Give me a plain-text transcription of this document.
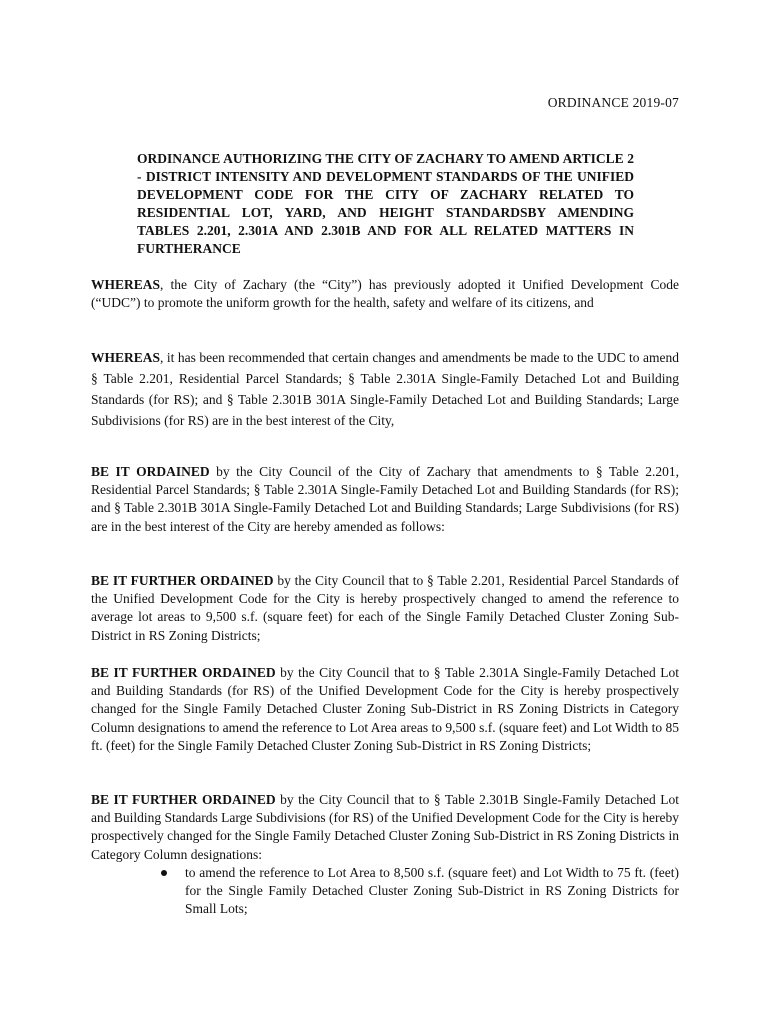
ORDINANCE 2019-07
ORDINANCE AUTHORIZING THE CITY OF ZACHARY TO AMEND ARTICLE 2 - DISTRICT INTENSITY AND DEVELOPMENT STANDARDS OF THE UNIFIED DEVELOPMENT CODE FOR THE CITY OF ZACHARY RELATED TO RESIDENTIAL LOT, YARD, AND HEIGHT STANDARDSBY AMENDING TABLES 2.201, 2.301A AND 2.301B AND FOR ALL RELATED MATTERS IN FURTHERANCE

WHEREAS, the City of Zachary (the “City”) has previously adopted it Unified Development Code (“UDC”) to promote the uniform growth for the health, safety and welfare of its citizens, and

WHEREAS, it has been recommended that certain changes and amendments be made to the UDC to amend § Table 2.201, Residential Parcel Standards; § Table 2.301A Single-Family Detached Lot and Building Standards (for RS); and § Table 2.301B 301A Single-Family Detached Lot and Building Standards; Large Subdivisions (for RS) are in the best interest of the City,

BE IT ORDAINED by the City Council of the City of Zachary that amendments to § Table 2.201, Residential Parcel Standards; § Table 2.301A Single-Family Detached Lot and Building Standards (for RS); and § Table 2.301B 301A Single-Family Detached Lot and Building Standards; Large Subdivisions (for RS) are in the best interest of the City are hereby amended as follows:

BE IT FURTHER ORDAINED by the City Council that to § Table 2.201, Residential Parcel Standards of the Unified Development Code for the City is hereby prospectively changed to amend the reference to average lot areas to 9,500 s.f. (square feet) for each of the Single Family Detached Cluster Zoning Sub-District in RS Zoning Districts;

BE IT FURTHER ORDAINED by the City Council that to § Table 2.301A Single-Family Detached Lot and Building Standards (for RS) of the Unified Development Code for the City is hereby prospectively changed for the Single Family Detached Cluster Zoning Sub-District in RS Zoning Districts in Category Column designations to amend the reference to Lot Area areas to 9,500 s.f. (square feet) and Lot Width to 85 ft. (feet) for the Single Family Detached Cluster Zoning Sub-District in RS Zoning Districts;

BE IT FURTHER ORDAINED by the City Council that to § Table 2.301B Single-Family Detached Lot and Building Standards Large Subdivisions (for RS) of the Unified Development Code for the City is hereby prospectively changed for the Single Family Detached Cluster Zoning Sub-District in RS Zoning Districts in Category Column designations:

to amend the reference to Lot Area to 8,500 s.f. (square feet) and Lot Width to 75 ft. (feet) for the Single Family Detached Cluster Zoning Sub-District in RS Zoning Districts for Small Lots;
